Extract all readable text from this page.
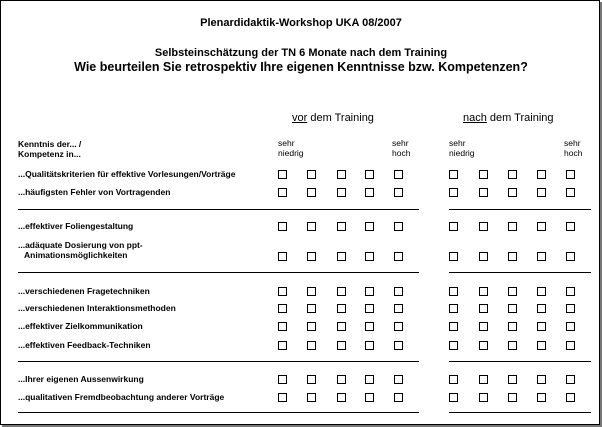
Plenardidaktik-Workshop UKA 08/2007
Selbsteinschätzung der TN 6 Monate nach dem Training
Wie beurteilen Sie retrospektiv Ihre eigenen Kenntnisse bzw. Kompetenzen?
vor dem Training	nach dem Training
Kenntnis der... /
Kompetenz in...
sehr
niedrig
sehr
hoch
sehr
niedrig
sehr
hoch
...Qualitätskriterien für effektive Vorlesungen/Vorträge
...häufigsten Fehler von Vortragenden
...effektiver Foliengestaltung
...adäquate Dosierung von ppt-
Animationsmöglichkeiten
...verschiedenen Fragetechniken
...verschiedenen Interaktionsmethoden
...effektiver Zielkommunikation
...effektiven Feedback-Techniken
...Ihrer eigenen Aussenwirkung
...qualitativen Fremdbeobachtung anderer Vorträge
